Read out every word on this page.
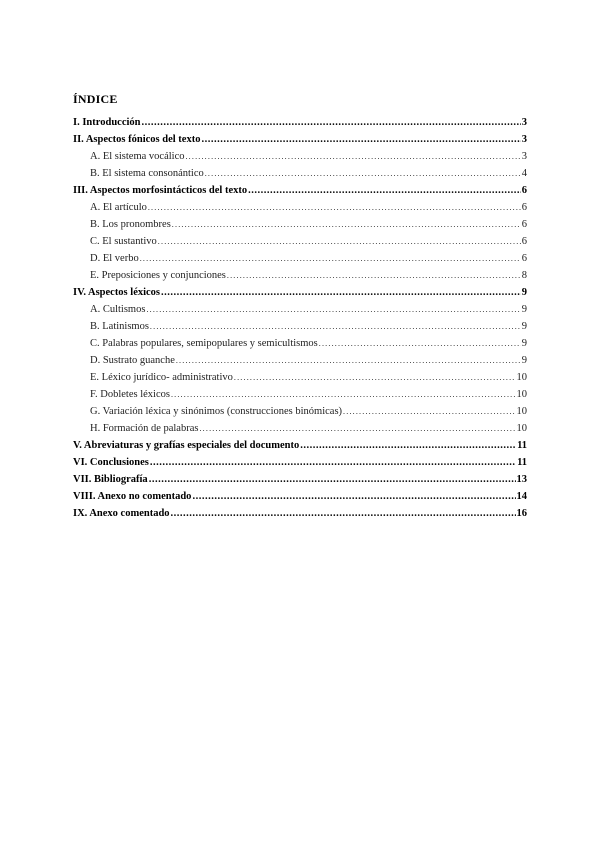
ÍNDICE
I. Introducción .....	3
II. Aspectos fónicos del texto .....	3
A. El sistema vocálico .....	3
B. El sistema consonántico .....	4
III. Aspectos morfosintácticos del texto .....	6
A. El artículo .....	6
B. Los pronombres .....	6
C. El sustantivo .....	6
D. El verbo .....	6
E. Preposiciones y conjunciones .....	8
IV. Aspectos léxicos .....	9
A. Cultismos .....	9
B. Latinismos .....	9
C. Palabras populares, semipopulares y semicultismos .....	9
D. Sustrato guanche .....	9
E. Léxico jurídico- administrativo .....	10
F. Dobletes léxicos .....	10
G. Variación léxica y sinónimos (construcciones binómicas) .....	10
H. Formación de palabras .....	10
V. Abreviaturas y grafías especiales del documento .....	11
VI. Conclusiones .....	11
VII. Bibliografía .....	13
VIII. Anexo no comentado .....	14
IX. Anexo comentado .....	16
